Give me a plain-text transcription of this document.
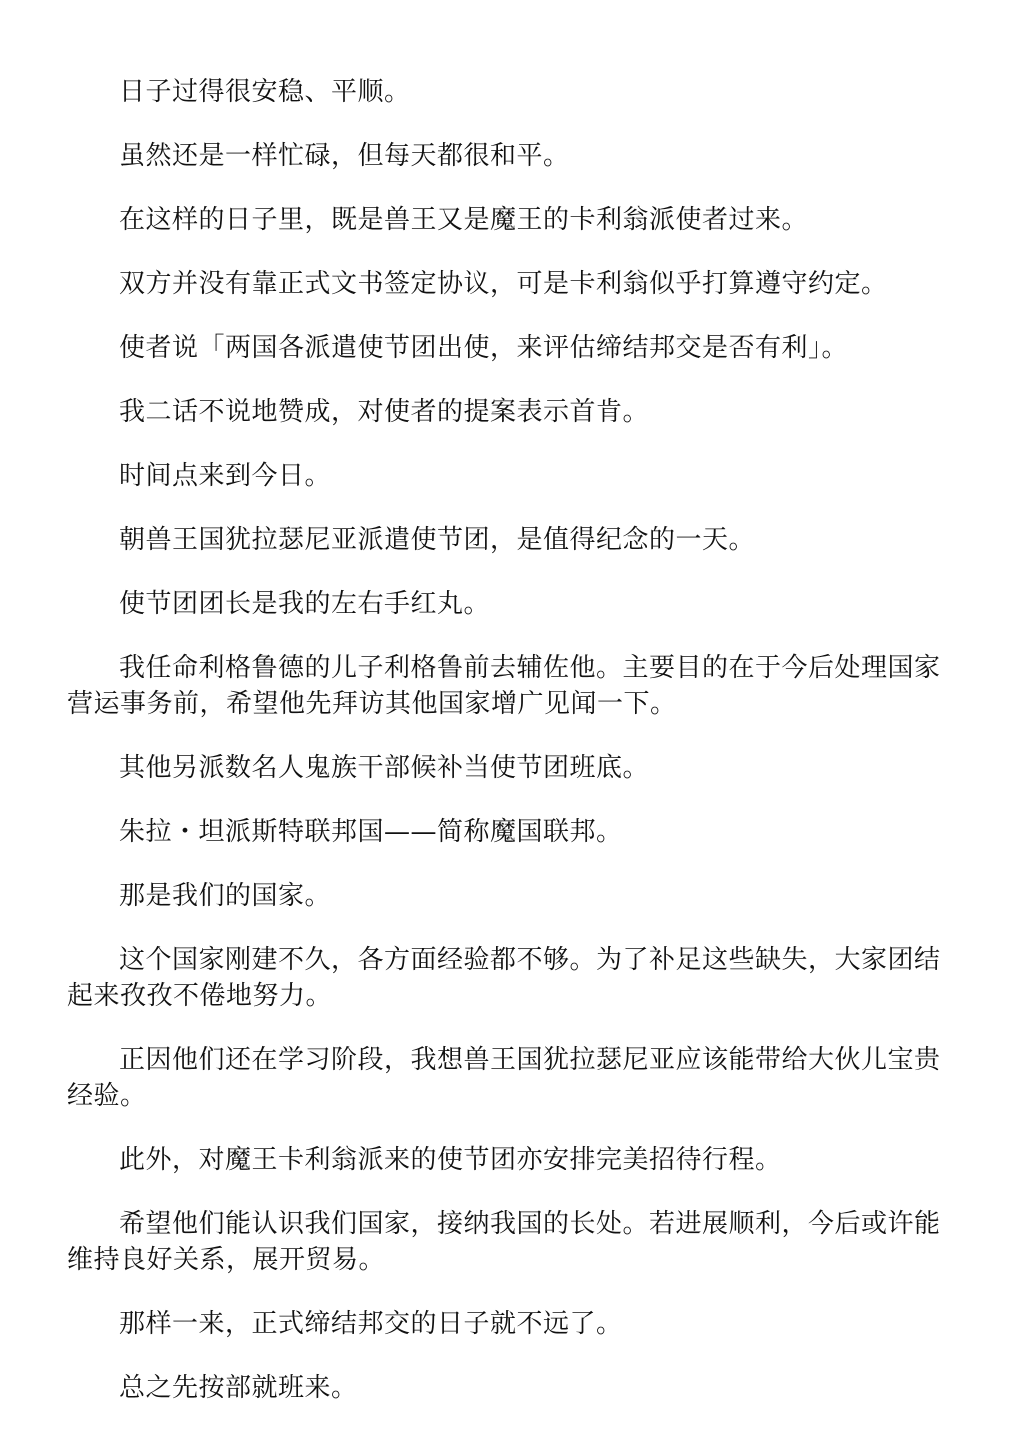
日子过得很安稳、平顺。

虽然还是一样忙碌，但每天都很和平。

在这样的日子里，既是兽王又是魔王的卡利翁派使者过来。

双方并没有靠正式文书签定协议，可是卡利翁似乎打算遵守约定。

使者说「两国各派遣使节团出使，来评估缔结邦交是否有利」。

我二话不说地赞成，对使者的提案表示首肯。

时间点来到今日。

朝兽王国犹拉瑟尼亚派遣使节团，是值得纪念的一天。

使节团团长是我的左右手红丸。

我任命利格鲁德的儿子利格鲁前去辅佐他。主要目的在于今后处理国家营运事务前，希望他先拜访其他国家增广见闻一下。

其他另派数名人鬼族干部候补当使节团班底。

朱拉・坦派斯特联邦国——简称魔国联邦。

那是我们的国家。

这个国家刚建不久，各方面经验都不够。为了补足这些缺失，大家团结起来孜孜不倦地努力。

正因他们还在学习阶段，我想兽王国犹拉瑟尼亚应该能带给大伙儿宝贵经验。

此外，对魔王卡利翁派来的使节团亦安排完美招待行程。

希望他们能认识我们国家，接纳我国的长处。若进展顺利，今后或许能维持良好关系，展开贸易。

那样一来，正式缔结邦交的日子就不远了。

总之先按部就班来。
